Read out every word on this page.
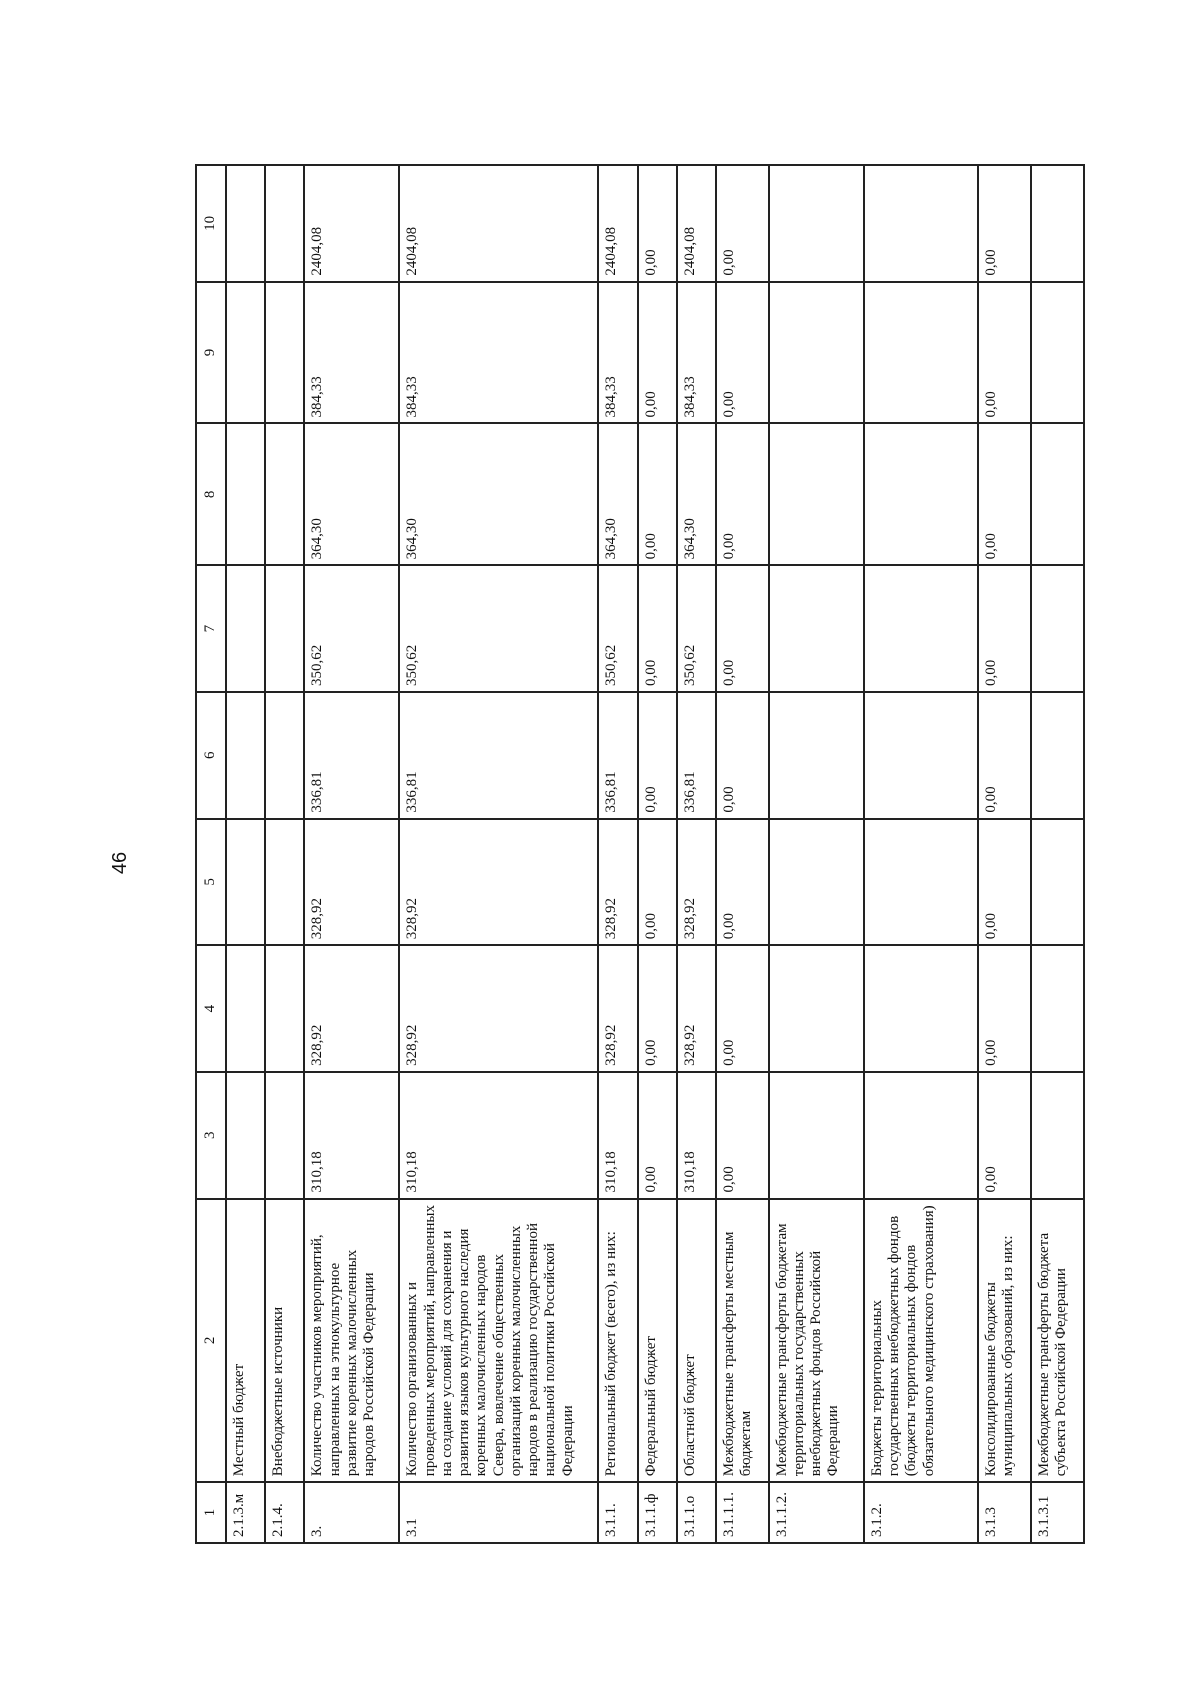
46
1	2	3	4	5	6	7	8	9	10
2.1.3.м	Местный бюджет								
2.1.4.	Внебюджетные источники								
3.	Количество участников мероприятий, направленных на этнокультурное развитие коренных малочисленных народов Российской Федерации	310,18	328,92	328,92	336,81	350,62	364,30	384,33	2404,08
3.1	Количество организованных и проведенных мероприятий, направленных на создание условий для сохранения и развития языков культурного наследия коренных малочисленных народов Севера, вовлечение общественных организаций коренных малочисленных народов в реализацию государственной национальной политики Российской Федерации	310,18	328,92	328,92	336,81	350,62	364,30	384,33	2404,08
3.1.1.	Региональный бюджет (всего), из них:	310,18	328,92	328,92	336,81	350,62	364,30	384,33	2404,08
3.1.1.ф	Федеральный бюджет	0,00	0,00	0,00	0,00	0,00	0,00	0,00	0,00
3.1.1.о	Областной бюджет	310,18	328,92	328,92	336,81	350,62	364,30	384,33	2404,08
3.1.1.1.	Межбюджетные трансферты местным бюджетам	0,00	0,00	0,00	0,00	0,00	0,00	0,00	0,00
3.1.1.2.	Межбюджетные трансферты бюджетам территориальных государственных внебюджетных фондов Российской Федерации								
3.1.2.	Бюджеты территориальных государственных внебюджетных фондов (бюджеты территориальных фондов обязательного медицинского страхования)								
3.1.3	Консолидированные бюджеты муниципальных образований, из них:	0,00	0,00	0,00	0,00	0,00	0,00	0,00	0,00
3.1.3.1	Межбюджетные трансферты бюджета субъекта Российской Федерации								
